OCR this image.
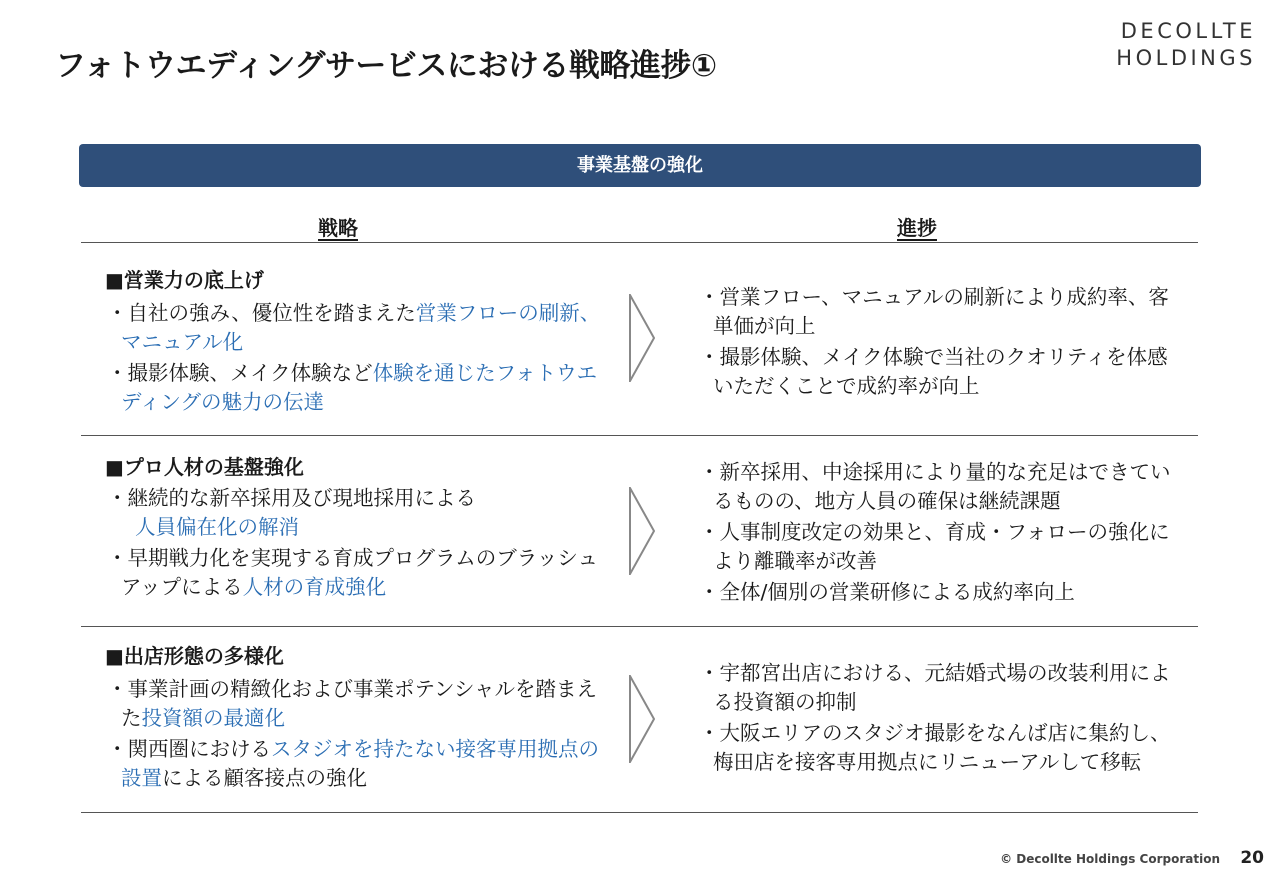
フォトウエディングサービスにおける戦略進捗①
DECOLLTE
HOLDINGS
事業基盤の強化
戦略	進捗
■営業力の底上げ
・自社の強み、優位性を踏まえた営業フローの刷新、マニュアル化
・撮影体験、メイク体験など体験を通じたフォトウエディングの魅力の伝達
・営業フロー、マニュアルの刷新により成約率、客単価が向上
・撮影体験、メイク体験で当社のクオリティを体感いただくことで成約率が向上
■プロ人材の基盤強化
・継続的な新卒採用及び現地採用による
人員偏在化の解消
・早期戦力化を実現する育成プログラムのブラッシュアップによる人材の育成強化
・新卒採用、中途採用により量的な充足はできているものの、地方人員の確保は継続課題
・人事制度改定の効果と、育成・フォローの強化により離職率が改善
・全体/個別の営業研修による成約率向上
■出店形態の多様化
・事業計画の精緻化および事業ポテンシャルを踏まえた投資額の最適化
・関西圏におけるスタジオを持たない接客専用拠点の設置による顧客接点の強化
・宇都宮出店における、元結婚式場の改装利用による投資額の抑制
・大阪エリアのスタジオ撮影をなんば店に集約し、梅田店を接客専用拠点にリニューアルして移転
© Decollte Holdings Corporation 20
